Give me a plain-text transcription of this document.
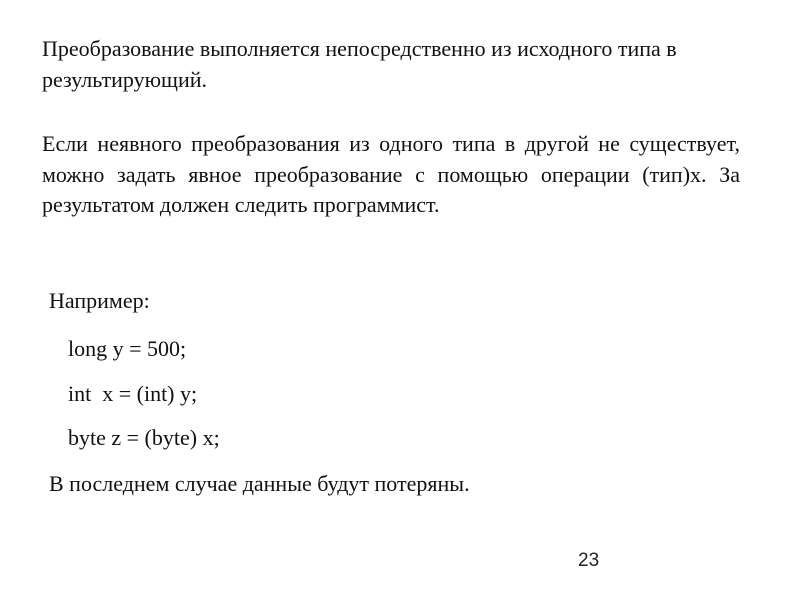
Преобразование выполняется непосредственно из исходного типа в результирующий.

Если неявного преобразования из одного типа в другой не существует, можно задать явное преобразование с помощью операции (тип)x. За результатом должен следить программист.

Например:

long y = 500;

int  x = (int) y;

byte z = (byte) x;

В последнем случае данные будут потеряны.

23
